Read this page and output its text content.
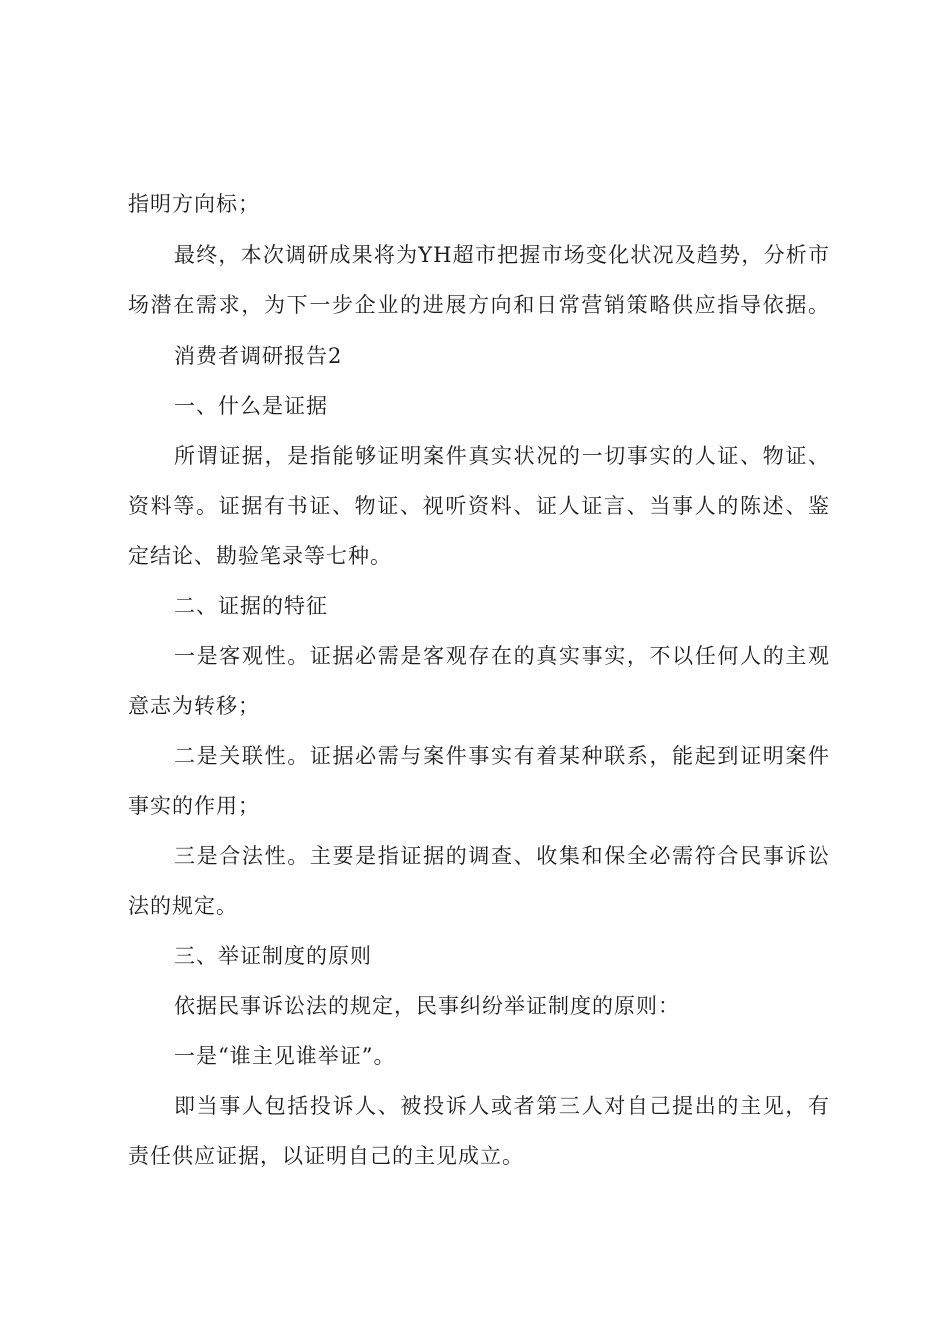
指明方向标；
最终，本次调研成果将为YH超市把握市场变化状况及趋势，分析市
场潜在需求，为下一步企业的进展方向和日常营销策略供应指导依据。
消费者调研报告2
一、什么是证据
所谓证据，是指能够证明案件真实状况的一切事实的人证、物证、
资料等。证据有书证、物证、视听资料、证人证言、当事人的陈述、鉴
定结论、勘验笔录等七种。
二、证据的特征
一是客观性。证据必需是客观存在的真实事实，不以任何人的主观
意志为转移；
二是关联性。证据必需与案件事实有着某种联系，能起到证明案件
事实的作用；
三是合法性。主要是指证据的调查、收集和保全必需符合民事诉讼
法的规定。
三、举证制度的原则
依据民事诉讼法的规定，民事纠纷举证制度的原则：
一是“谁主见谁举证”。
即当事人包括投诉人、被投诉人或者第三人对自己提出的主见，有
责任供应证据，以证明自己的主见成立。
